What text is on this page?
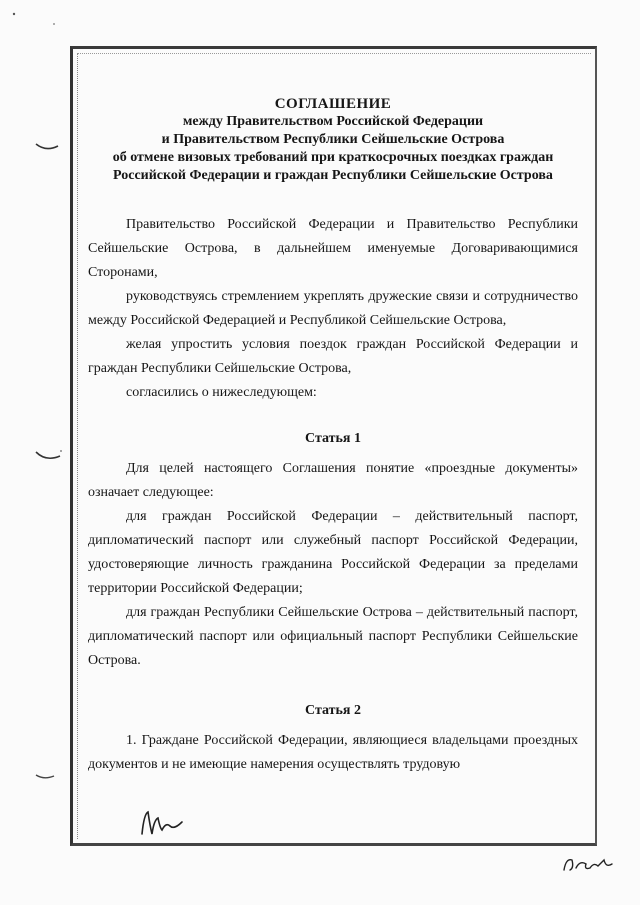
СОГЛАШЕНИЕ
между Правительством Российской Федерации
и Правительством Республики Сейшельские Острова
об отмене визовых требований при краткосрочных поездках граждан
Российской Федерации и граждан Республики Сейшельские Острова
Правительство Российской Федерации и Правительство Республики Сейшельские Острова, в дальнейшем именуемые Договаривающимися Сторонами,
руководствуясь стремлением укреплять дружеские связи и сотрудничество между Российской Федерацией и Республикой Сейшельские Острова,
желая упростить условия поездок граждан Российской Федерации и граждан Республики Сейшельские Острова,
согласились о нижеследующем:
Статья 1
Для целей настоящего Соглашения понятие «проездные документы» означает следующее:
для граждан Российской Федерации – действительный паспорт, дипломатический паспорт или служебный паспорт Российской Федерации, удостоверяющие личность гражданина Российской Федерации за пределами территории Российской Федерации;
для граждан Республики Сейшельские Острова – действительный паспорт, дипломатический паспорт или официальный паспорт Республики Сейшельские Острова.
Статья 2
1. Граждане Российской Федерации, являющиеся владельцами проездных документов и не имеющие намерения осуществлять трудовую
